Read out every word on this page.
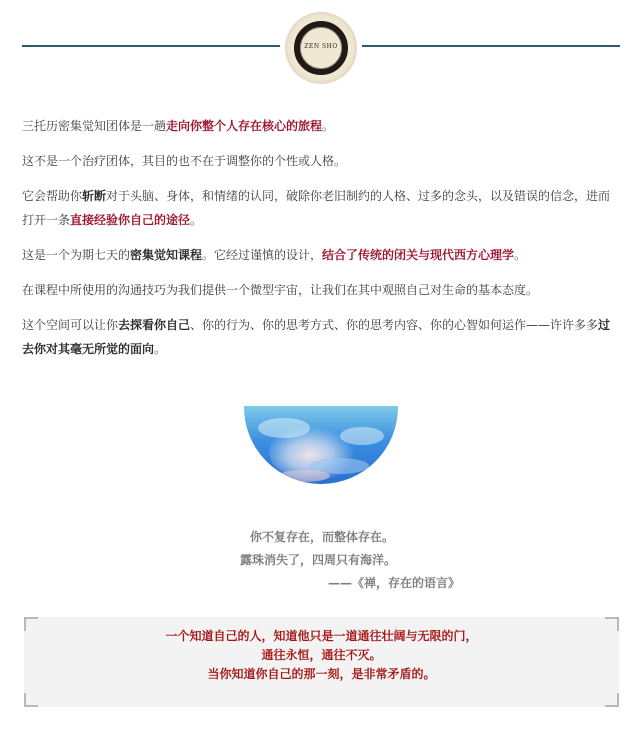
ZEN SHO

三托历密集觉知团体是一趟走向你整个人存在核心的旅程。

这不是一个治疗团体，其目的也不在于调整你的个性或人格。

它会帮助你斩断对于头脑、身体，和情绪的认同，破除你老旧制约的人格、过多的念头，以及错误的信念，进而打开一条直接经验你自己的途径。

这是一个为期七天的密集觉知课程。它经过谨慎的设计，结合了传统的闭关与现代西方心理学。

在课程中所使用的沟通技巧为我们提供一个微型宇宙，让我们在其中观照自己对生命的基本态度。

这个空间可以让你去探看你自己、你的行为、你的思考方式、你的思考内容、你的心智如何运作——许许多多过去你对其毫无所觉的面向。

你不复存在，而整体存在。
露珠消失了，四周只有海洋。
——《禅，存在的语言》
一个知道自己的人，知道他只是一道通往壮阔与无限的门，
通往永恒，通往不灭。
当你知道你自己的那一刻，是非常矛盾的。
